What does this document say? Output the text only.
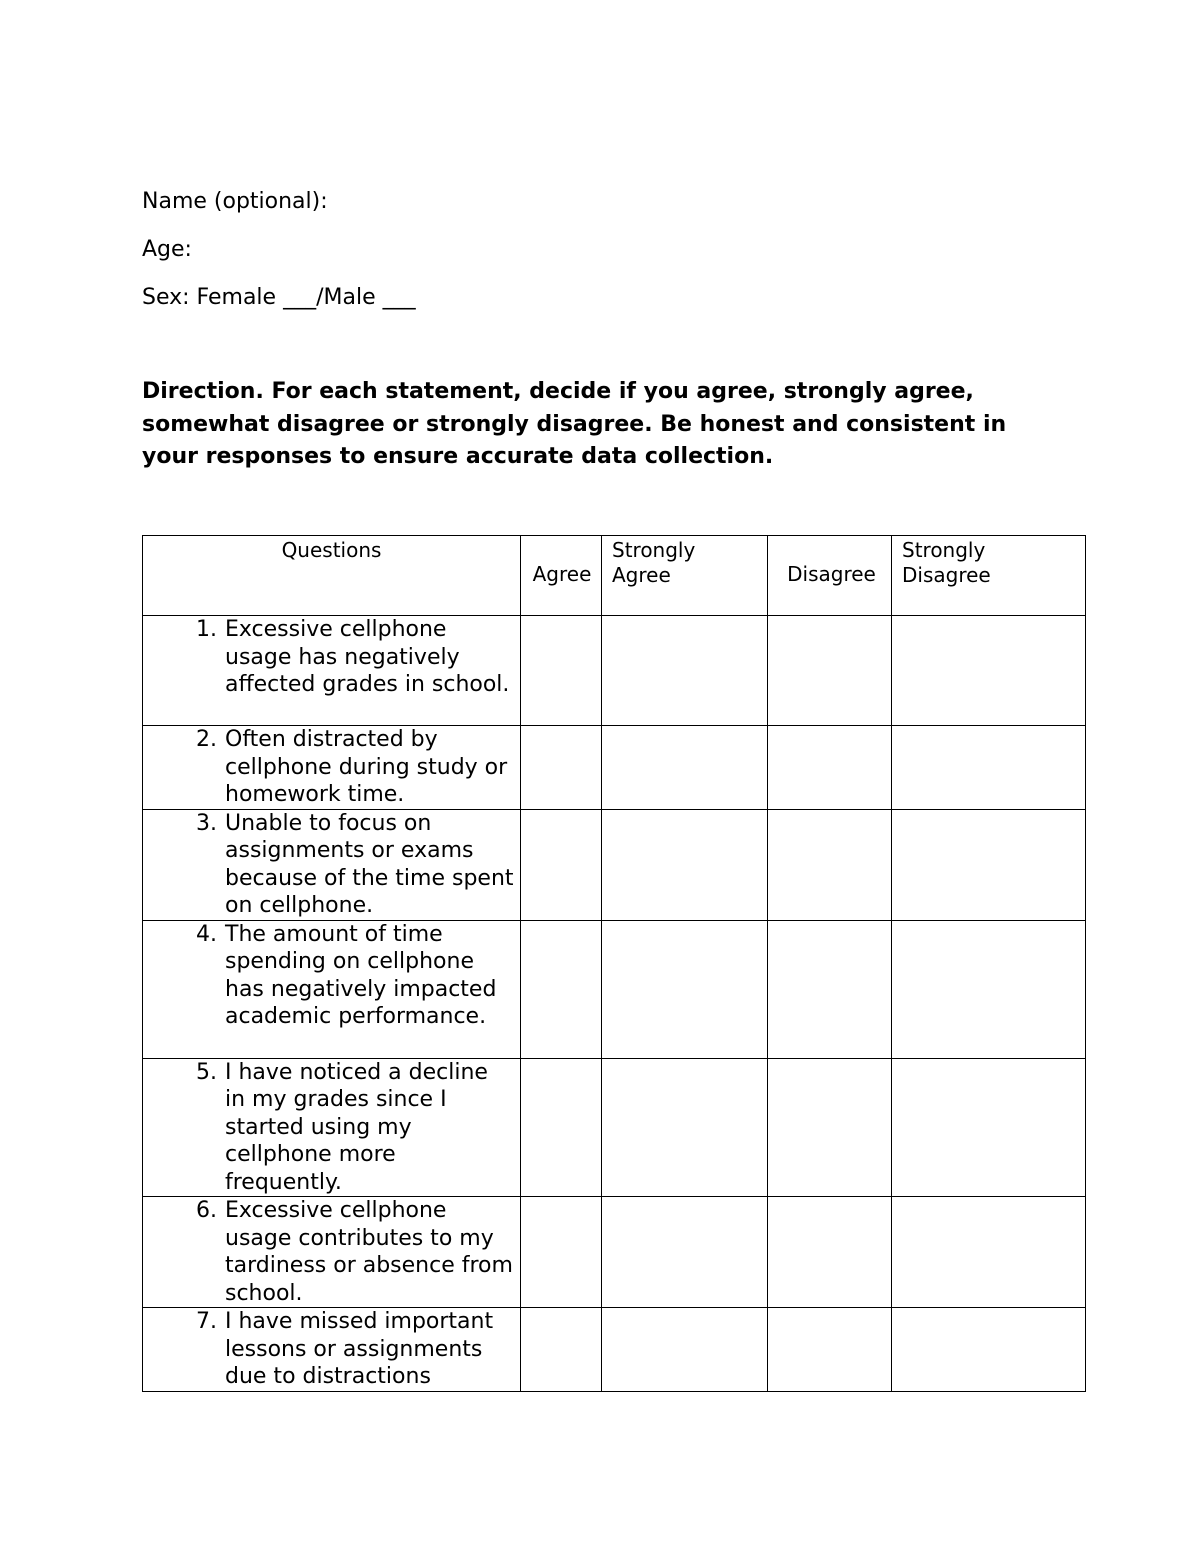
Name (optional):
Age:
Sex: Female ___/Male ___
Direction. For each statement, decide if you agree, strongly agree, somewhat disagree or strongly disagree. Be honest and consistent in your responses to ensure accurate data collection.
Questions	Agree	Strongly Agree	Disagree	Strongly Disagree

1. Excessive cellphone usage has negatively affected grades in school.				

2. Often distracted by cellphone during study or homework time.				

3. Unable to focus on assignments or exams because of the time spent on cellphone.				

4. The amount of time spending on cellphone has negatively impacted academic performance.				

5. I have noticed a decline in my grades since I started using my cellphone more frequently.				

6. Excessive cellphone usage contributes to my tardiness or absence from school.				

7. I have missed important lessons or assignments due to distractions				
